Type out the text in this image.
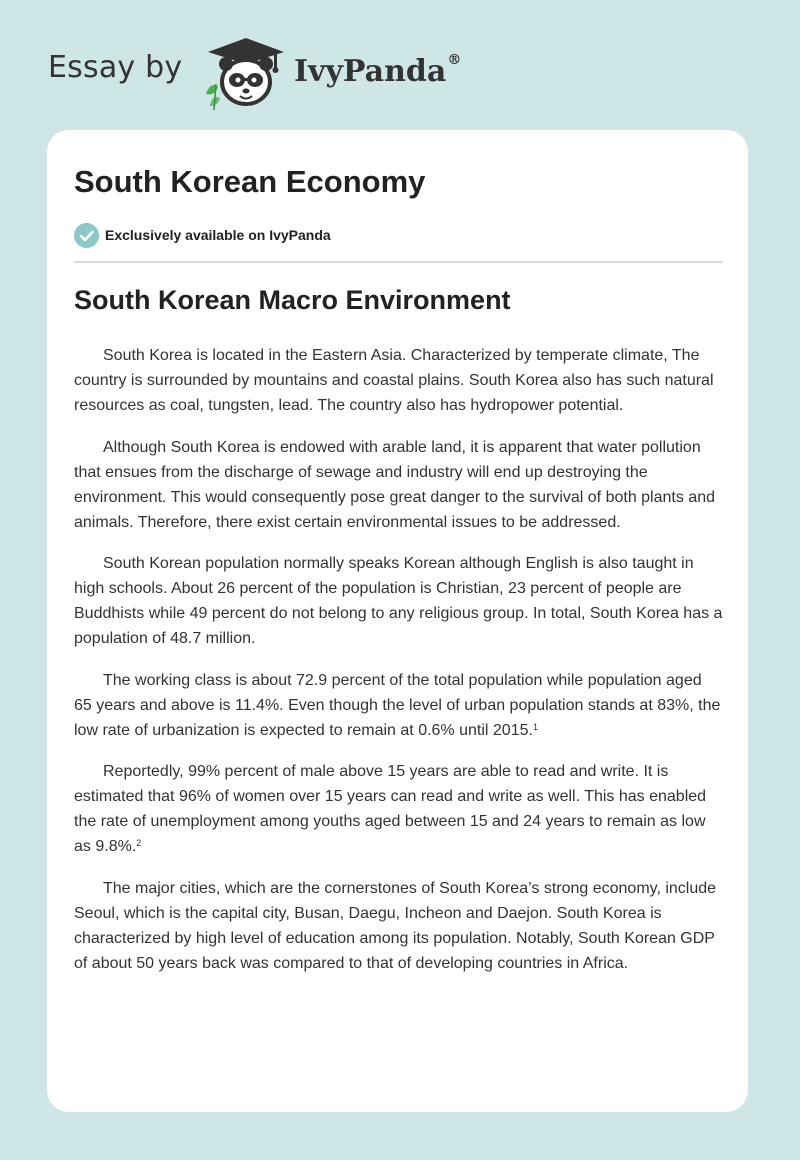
Essay by	IvyPanda®
South Korean Economy
Exclusively available on IvyPanda
South Korean Macro Environment

South Korea is located in the Eastern Asia. Characterized by temperate climate, The country is surrounded by mountains and coastal plains. South Korea also has such natural resources as coal, tungsten, lead. The country also has hydropower potential.

Although South Korea is endowed with arable land, it is apparent that water pollution that ensues from the discharge of sewage and industry will end up destroying the environment. This would consequently pose great danger to the survival of both plants and animals. Therefore, there exist certain environmental issues to be addressed.

South Korean population normally speaks Korean although English is also taught in high schools. About 26 percent of the population is Christian, 23 percent of people are Buddhists while 49 percent do not belong to any religious group. In total, South Korea has a population of 48.7 million.

The working class is about 72.9 percent of the total population while population aged 65 years and above is 11.4%. Even though the level of urban population stands at 83%, the low rate of urbanization is expected to remain at 0.6% until 2015.$^1$

Reportedly, 99% percent of male above 15 years are able to read and write. It is estimated that 96% of women over 15 years can read and write as well. This has enabled the rate of unemployment among youths aged between 15 and 24 years to remain as low as 9.8%.$^2$

The major cities, which are the cornerstones of South Korea’s strong economy, include Seoul, which is the capital city, Busan, Daegu, Incheon and Daejon. South Korea is characterized by high level of education among its population. Notably, South Korean GDP of about 50 years back was compared to that of developing countries in Africa.
